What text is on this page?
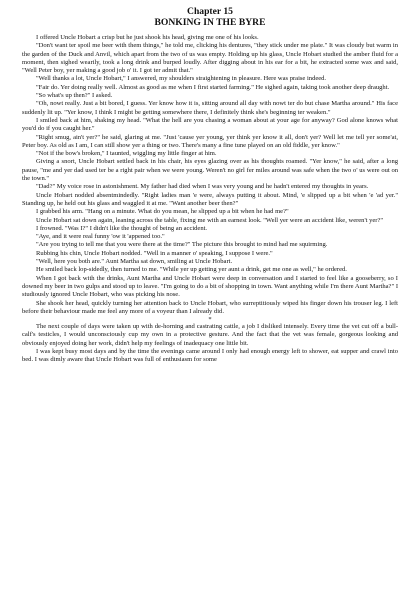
Chapter 15
BONKING IN THE BYRE

I offered Uncle Hobart a crisp but he just shook his head, giving me one of his looks.

"Don't want ter spoil me beer with them things," he told me, clicking his dentures, "they stick under me plate." It was cloudy but warm in the garden of the Duck and Anvil, which apart from the two of us was empty. Holding up his glass, Uncle Hobart studied the amber fluid for a moment, then sighed wearily, took a long drink and burped loudly. After digging about in his ear for a bit, he extracted some wax and said, "Well Peter boy, yer making a good job o' it. I got ter admit that."

"Well thanks a lot, Uncle Hobart," I answered, my shoulders straightening in pleasure. Here was praise indeed.

"Fair do. Yer doing really well. Almost as good as me when I first started farming." He sighed again, taking took another deep draught.

"So what's up then?" I asked.

"Oh, nowt really. Just a bit bored, I guess. Yer know how it is, sitting around all day with nowt ter do but chase Martha around." His face suddenly lit up. "Yer know, I think I might be getting somewhere there, I definitely think she's beginning ter weaken."

I smiled back at him, shaking my head. "What the hell are you chasing a woman about at your age for anyway? God alone knows what you'd do if you caught her."

"Right smug, ain't yer?" he said, glaring at me. "Just 'cause yer young, yer think yer know it all, don't yer? Well let me tell yer some'at, Peter boy. As old as I am, I can still show yer a thing or two. There's many a fine tune played on an old fiddle, yer know."

"Not if the bow's broken," I taunted, wiggling my little finger at him.

Giving a snort, Uncle Hobart settled back in his chair, his eyes glazing over as his thoughts roamed. "Yer know," he said, after a long pause, "me and yer dad used ter be a right pair when we were young. Weren't no girl fer miles around was safe when the two o' us were out on the town."

"Dad?" My voice rose in astonishment. My father had died when I was very young and he hadn't entered my thoughts in years.

Uncle Hobart nodded absentmindedly. "Right ladies man 'e were, always putting it about. Mind, 'e slipped up a bit when 'e 'ad yer." Standing up, he held out his glass and waggled it at me. "Want another beer then?"

I grabbed his arm. "Hang on a minute. What do you mean, he slipped up a bit when he had me?"

Uncle Hobart sat down again, leaning across the table, fixing me with an earnest look. "Well yer were an accident like, weren't yer?"

I frowned. "Was I?" I didn't like the thought of being an accident.

"Aye, and it were real funny 'ow it 'appened too."

"Are you trying to tell me that you were there at the time?" The picture this brought to mind had me squirming.

Rubbing his chin, Uncle Hobart nodded. "Well in a manner o' speaking, I suppose I were."

"Well, here you both are." Aunt Martha sat down, smiling at Uncle Hobart.

He smiled back lop-sidedly, then turned to me. "While yer up getting yer aunt a drink, get me one as well," he ordered.

When I got back with the drinks, Aunt Martha and Uncle Hobart were deep in conversation and I started to feel like a gooseberry, so I downed my beer in two gulps and stood up to leave. "I'm going to do a bit of shopping in town. Want anything while I'm there Aunt Martha?" I studiously ignored Uncle Hobart, who was picking his nose.

She shook her head, quickly turning her attention back to Uncle Hobart, who surreptitiously wiped his finger down his trouser leg. I left before their behaviour made me feel any more of a voyeur than I already did.

*

The next couple of days were taken up with de-horning and castrating cattle, a job I disliked intensely. Every time the vet cut off a bull-calf's testicles, I would unconsciously cup my own in a protective gesture. And the fact that the vet was female, gorgeous looking and obviously enjoyed doing her work, didn't help my feelings of inadequacy one little bit.

I was kept busy most days and by the time the evenings came around I only had enough energy left to shower, eat supper and crawl into bed. I was dimly aware that Uncle Hobart was full of enthusiasm for some
